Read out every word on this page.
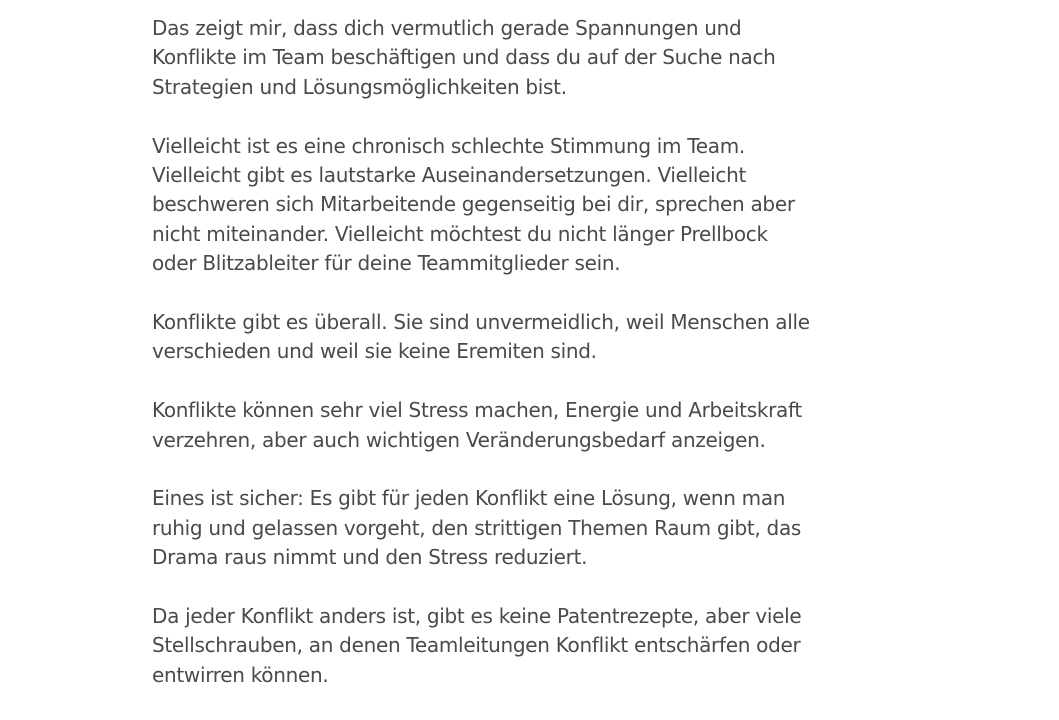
Das zeigt mir, dass dich vermutlich gerade Spannungen und
Konflikte im Team beschäftigen und dass du auf der Suche nach
Strategien und Lösungsmöglichkeiten bist.

Vielleicht ist es eine chronisch schlechte Stimmung im Team.
Vielleicht gibt es lautstarke Auseinandersetzungen. Vielleicht
beschweren sich Mitarbeitende gegenseitig bei dir, sprechen aber
nicht miteinander. Vielleicht möchtest du nicht länger Prellbock
oder Blitzableiter für deine Teammitglieder sein.

Konflikte gibt es überall. Sie sind unvermeidlich, weil Menschen alle
verschieden und weil sie keine Eremiten sind.

Konflikte können sehr viel Stress machen, Energie und Arbeitskraft
verzehren, aber auch wichtigen Veränderungsbedarf anzeigen.

Eines ist sicher: Es gibt für jeden Konflikt eine Lösung, wenn man
ruhig und gelassen vorgeht, den strittigen Themen Raum gibt, das
Drama raus nimmt und den Stress reduziert.

Da jeder Konflikt anders ist, gibt es keine Patentrezepte, aber viele
Stellschrauben, an denen Teamleitungen Konflikt entschärfen oder
entwirren können.
